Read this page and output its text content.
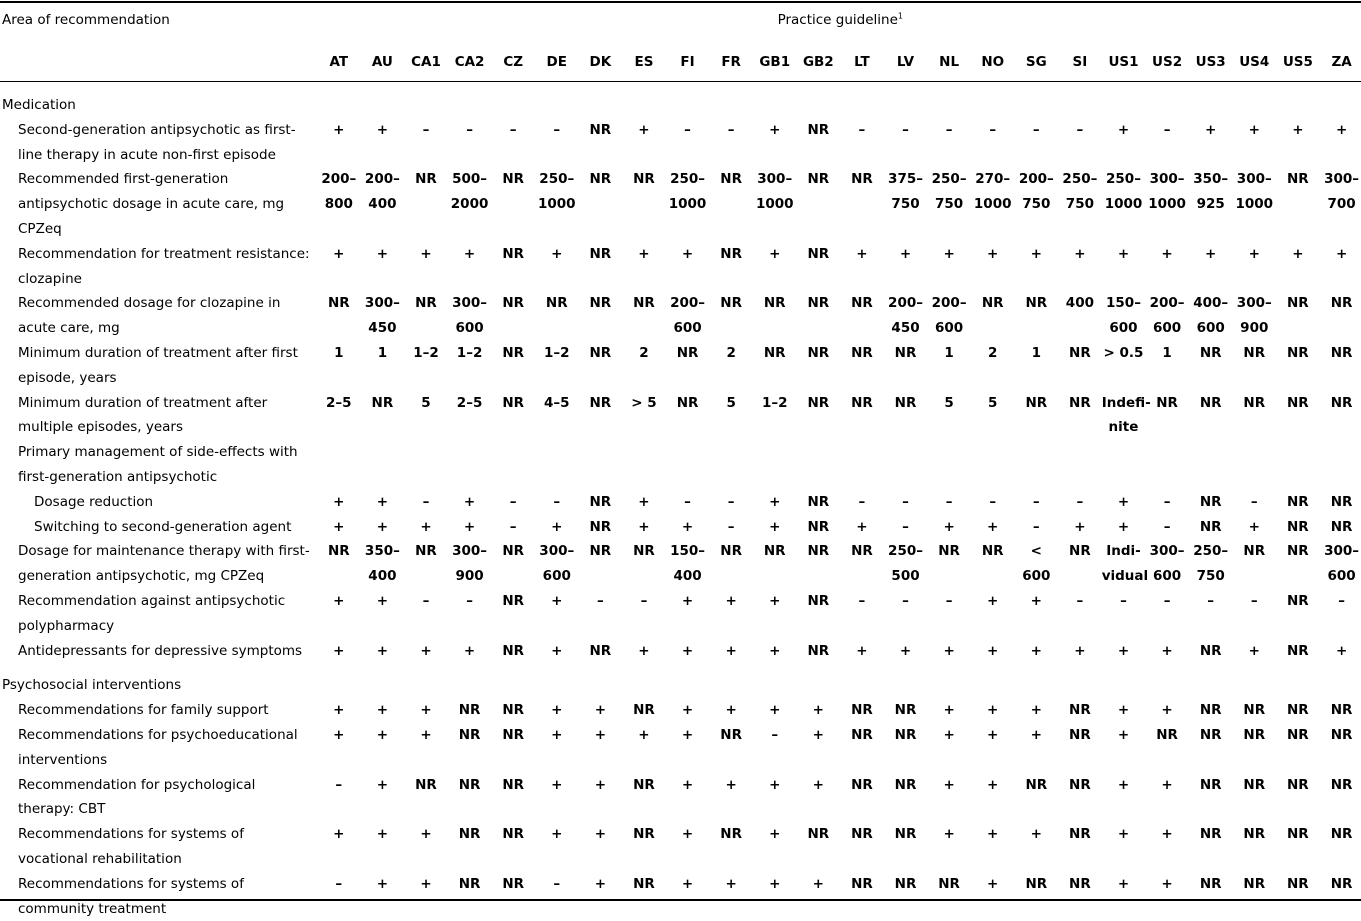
Area of recommendation	Practice guideline$^1$
	AT	AU	CA1	CA2	CZ	DE	DK	ES	FI	FR	GB1	GB2	LT	LV	NL	NO	SG	SI	US1	US2	US3	US4	US5	ZA
Medication																								
Second-generation antipsychotic as first-line therapy in acute non-first episode	+	+	–	–	–	–	NR	+	–	–	+	NR	–	–	–	–	–	–	+	–	+	+	+	+
Recommended first-generation antipsychotic dosage in acute care, mg CPZeq	200–800	200–400	NR	500–2000	NR	250–1000	NR	NR	250–1000	NR	300–1000	NR	NR	375–750	250–750	270–1000	200–750	250–750	250–1000	300–1000	350–925	300–1000	NR	300–700
Recommendation for treatment resistance: clozapine	+	+	+	+	NR	+	NR	+	+	NR	+	NR	+	+	+	+	+	+	+	+	+	+	+	+
Recommended dosage for clozapine in acute care, mg	NR	300–450	NR	300–600	NR	NR	NR	NR	200–600	NR	NR	NR	NR	200–450	200–600	NR	NR	400	150–600	200–600	400–600	300–900	NR	NR
Minimum duration of treatment after first episode, years	1	1	1–2	1–2	NR	1–2	NR	2	NR	2	NR	NR	NR	NR	1	2	1	NR	> 0.5	1	NR	NR	NR	NR
Minimum duration of treatment after multiple episodes, years	2–5	NR	5	2–5	NR	4–5	NR	> 5	NR	5	1–2	NR	NR	NR	5	5	NR	NR	Indefi-nite	NR	NR	NR	NR	NR
Primary management of side-effects with first-generation antipsychotic																								
Dosage reduction	+	+	–	+	–	–	NR	+	–	–	+	NR	–	–	–	–	–	–	+	–	NR	–	NR	NR
Switching to second-generation agent	+	+	+	+	–	+	NR	+	+	–	+	NR	+	–	+	+	–	+	+	–	NR	+	NR	NR
Dosage for maintenance therapy with first-generation antipsychotic, mg CPZeq	NR	350–400	NR	300–900	NR	300–600	NR	NR	150–400	NR	NR	NR	NR	250–500	NR	NR	< 600	NR	Indi-vidual	300–600	250–750	NR	NR	300–600
Recommendation against antipsychotic polypharmacy	+	+	–	–	NR	+	–	–	+	+	+	NR	–	–	–	+	+	–	–	–	–	–	NR	–
Antidepressants for depressive symptoms	+	+	+	+	NR	+	NR	+	+	+	+	NR	+	+	+	+	+	+	+	+	NR	+	NR	+
Psychosocial interventions																								
Recommendations for family support	+	+	+	NR	NR	+	+	NR	+	+	+	+	NR	NR	+	+	+	NR	+	+	NR	NR	NR	NR
Recommendations for psychoeducational interventions	+	+	+	NR	NR	+	+	+	+	NR	–	+	NR	NR	+	+	+	NR	+	NR	NR	NR	NR	NR
Recommendation for psychological therapy: CBT	–	+	NR	NR	NR	+	+	NR	+	+	+	+	NR	NR	+	+	NR	NR	+	+	NR	NR	NR	NR
Recommendations for systems of vocational rehabilitation	+	+	+	NR	NR	+	+	NR	+	NR	+	NR	NR	NR	+	+	+	NR	+	+	NR	NR	NR	NR
Recommendations for systems of community treatment	–	+	+	NR	NR	–	+	NR	+	+	+	+	NR	NR	NR	+	NR	NR	+	+	NR	NR	NR	NR
